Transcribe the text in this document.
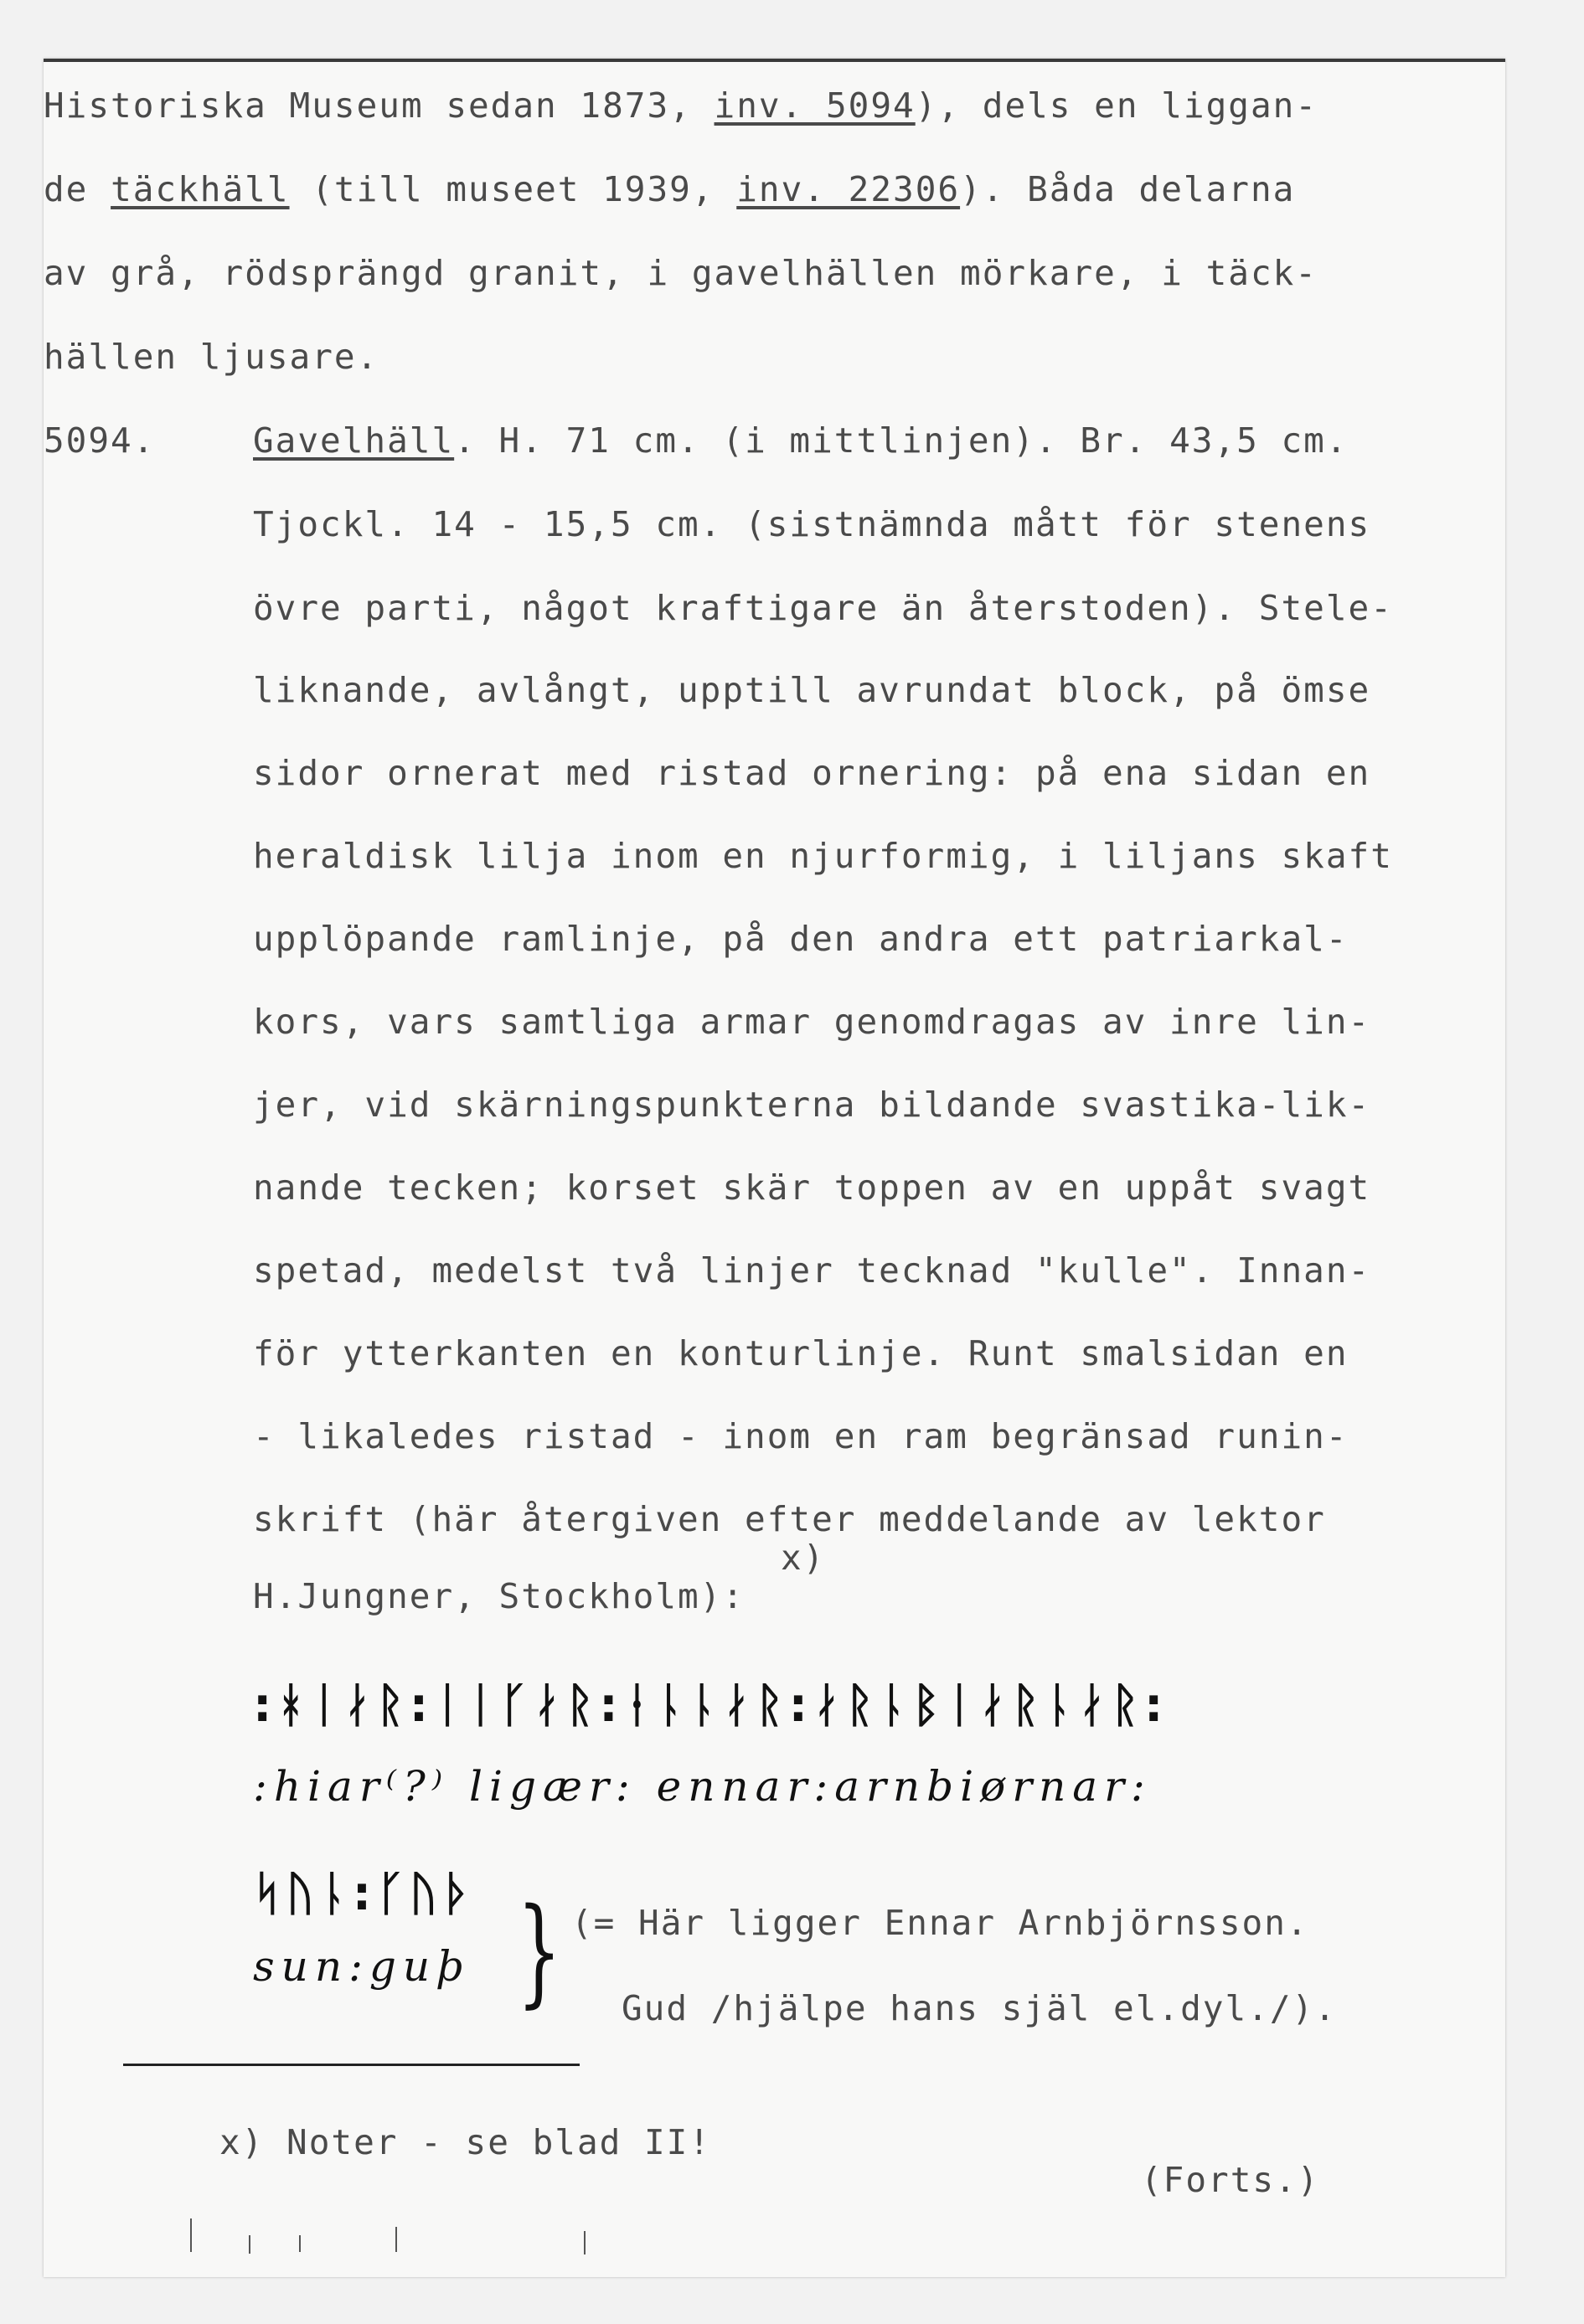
Historiska Museum sedan 1873, inv. 5094), dels en liggan-
de täckhäll (till museet 1939, inv. 22306). Båda delarna
av grå, rödsprängd granit, i gavelhällen mörkare, i täck-
hällen ljusare.
5094.	Gavelhäll. H. 71 cm. (i mittlinjen). Br. 43,5 cm.
Tjockl. 14 - 15,5 cm. (sistnämnda mått för stenens
övre parti, något kraftigare än återstoden). Stele-
liknande, avlångt, upptill avrundat block, på ömse
sidor ornerat med ristad ornering: på ena sidan en
heraldisk lilja inom en njurformig, i liljans skaft
upplöpande ramlinje, på den andra ett patriarkal-
kors, vars samtliga armar genomdragas av inre lin-
jer, vid skärningspunkterna bildande svastika-lik-
nande tecken; korset skär toppen av en uppåt svagt
spetad, medelst två linjer tecknad "kulle". Innan-
för ytterkanten en konturlinje. Runt smalsidan en
- likaledes ristad - inom en ram begränsad runin-
skrift (här återgiven efter meddelande av lektor
x)
H.Jungner, Stockholm):
:ᚼᛁᛅᚱ:ᛁᛁᚴᛅᚱ:ᚽᚿᚿᛅᚱ:ᛅᚱᚿᛒᛁᛅᚱᚿᛅᚱ:
:hiar⁽?⁾ ligær: ennar:arnbiørnar:
ᛋᚢᚿ:ᚴᚢᚦ
sun:guþ } (= Här ligger Ennar Arnbjörnsson.
Gud /hjälpe hans själ el.dyl./).
x) Noter - se blad II!
(Forts.)
